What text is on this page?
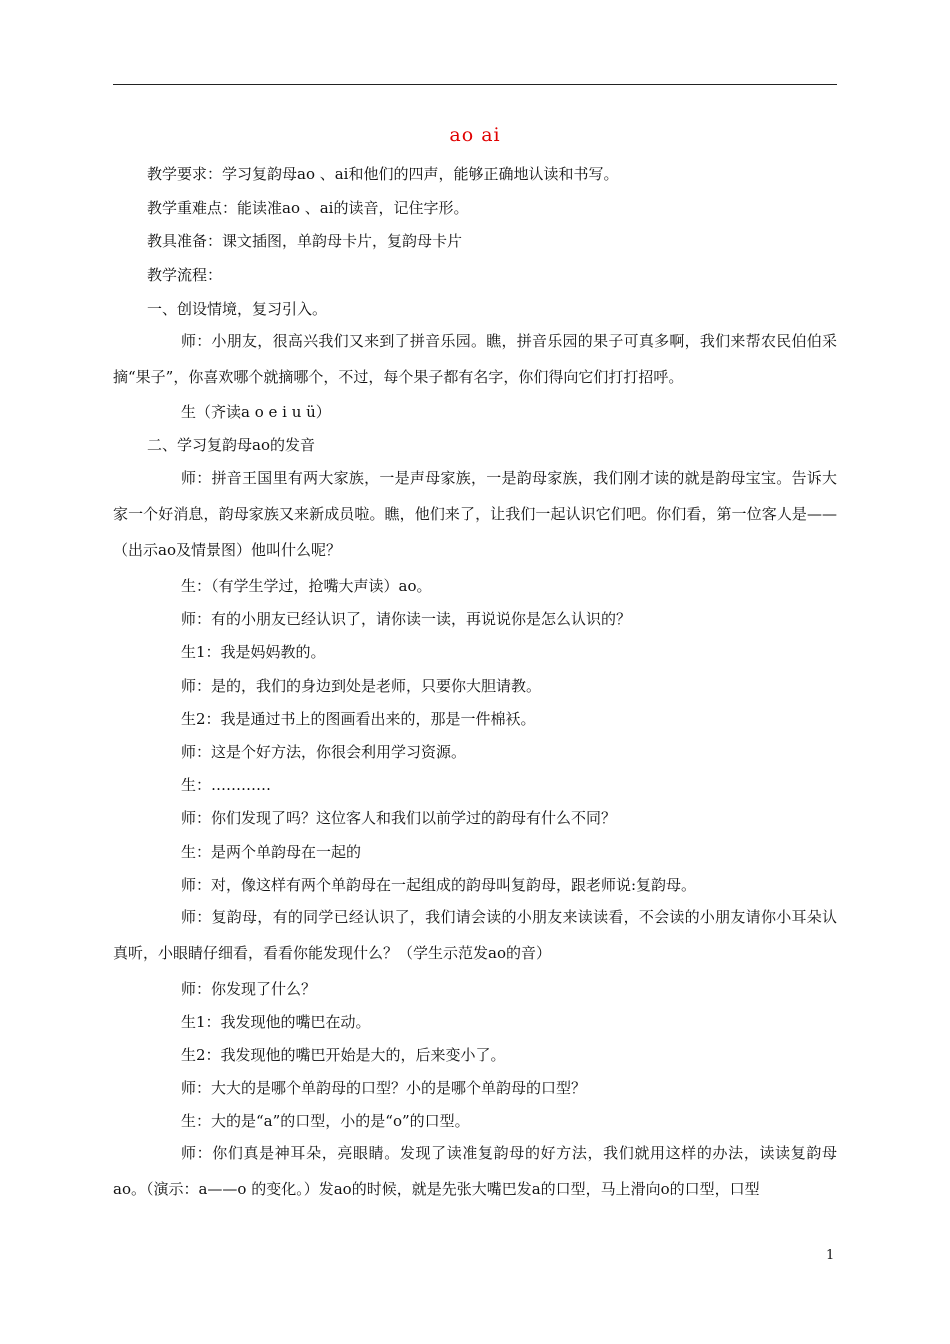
ao ai
教学要求：学习复韵母ao 、ai和他们的四声，能够正确地认读和书写。
教学重难点：能读准ao 、ai的读音，记住字形。
教具准备：课文插图，单韵母卡片，复韵母卡片
教学流程：
一、创设情境，复习引入。
师：小朋友，很高兴我们又来到了拼音乐园。瞧，拼音乐园的果子可真多啊，我们来帮农民伯伯采摘“果子”，你喜欢哪个就摘哪个，不过，每个果子都有名字，你们得向它们打打招呼。
生（齐读a o e i u ü）
二、学习复韵母ao的发音
师：拼音王国里有两大家族，一是声母家族，一是韵母家族，我们刚才读的就是韵母宝宝。告诉大家一个好消息，韵母家族又来新成员啦。瞧，他们来了，让我们一起认识它们吧。你们看，第一位客人是—— （出示ao及情景图）他叫什么呢？
生：（有学生学过，抢嘴大声读）ao。
师：有的小朋友已经认识了，请你读一读，再说说你是怎么认识的？
生1：我是妈妈教的。
师：是的，我们的身边到处是老师，只要你大胆请教。
生2：我是通过书上的图画看出来的，那是一件棉袄。
师：这是个好方法，你很会利用学习资源。
生：…………
师：你们发现了吗？这位客人和我们以前学过的韵母有什么不同？
生：是两个单韵母在一起的
师：对，像这样有两个单韵母在一起组成的韵母叫复韵母，跟老师说:复韵母。
师：复韵母，有的同学已经认识了，我们请会读的小朋友来读读看，不会读的小朋友请你小耳朵认真听，小眼睛仔细看，看看你能发现什么？（学生示范发ao的音）
师：你发现了什么？
生1：我发现他的嘴巴在动。
生2：我发现他的嘴巴开始是大的，后来变小了。
师：大大的是哪个单韵母的口型？小的是哪个单韵母的口型？
生：大的是“a”的口型，小的是“o”的口型。
师：你们真是神耳朵，亮眼睛。发现了读准复韵母的好方法，我们就用这样的办法，读读复韵母ao。（演示：a——o 的变化。）发ao的时候，就是先张大嘴巴发a的口型，马上滑向o的口型，口型
1
